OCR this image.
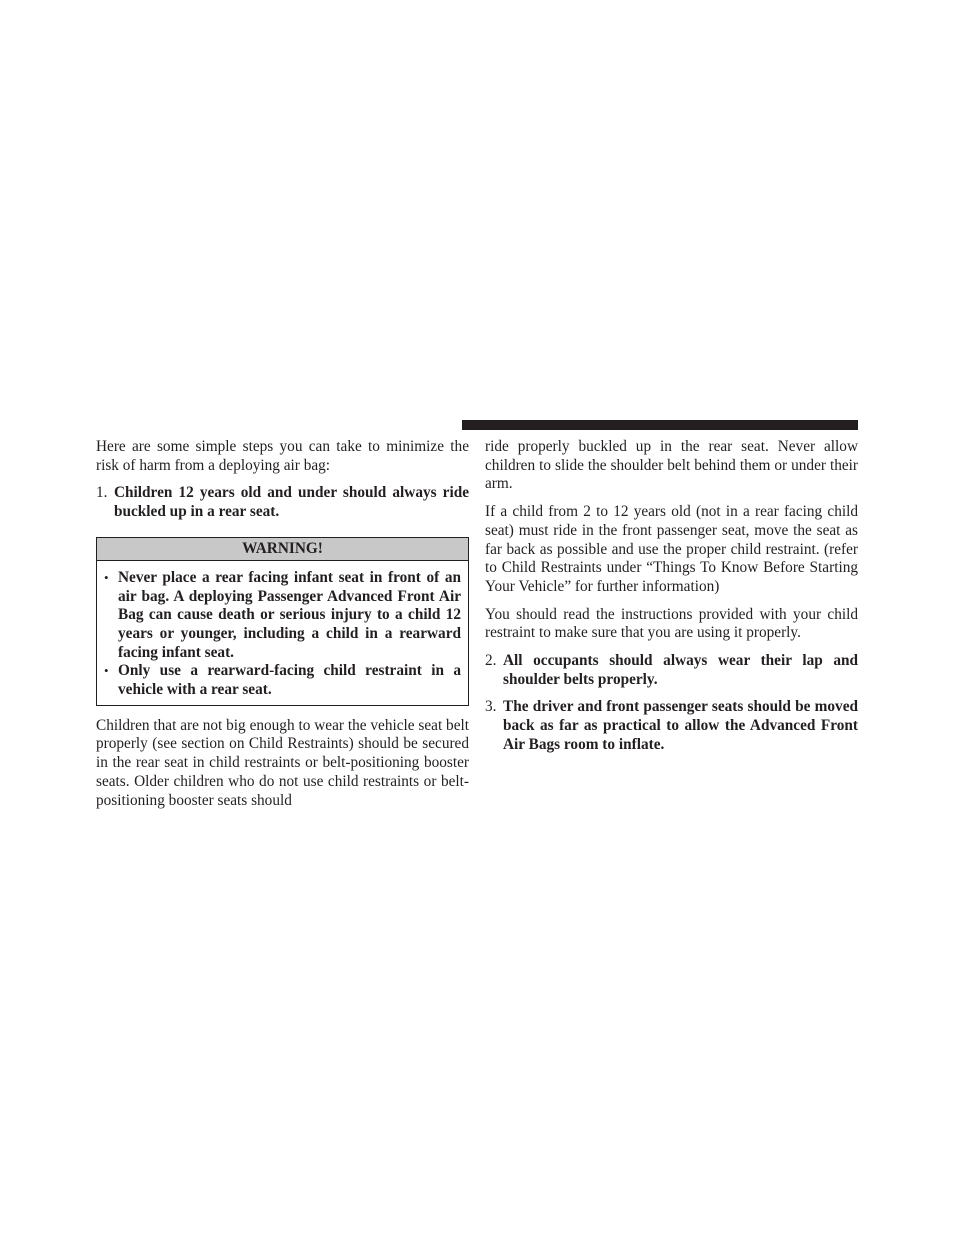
Here are some simple steps you can take to minimize the risk of harm from a deploying air bag:

1. Children 12 years old and under should always ride buckled up in a rear seat.
WARNING!
• Never place a rear facing infant seat in front of an air bag. A deploying Passenger Advanced Front Air Bag can cause death or serious injury to a child 12 years or younger, including a child in a rearward facing infant seat.
• Only use a rearward-facing child restraint in a vehicle with a rear seat.

Children that are not big enough to wear the vehicle seat belt properly (see section on Child Restraints) should be secured in the rear seat in child restraints or belt-positioning booster seats. Older children who do not use child restraints or belt-positioning booster seats should

ride properly buckled up in the rear seat. Never allow children to slide the shoulder belt behind them or under their arm.

If a child from 2 to 12 years old (not in a rear facing child seat) must ride in the front passenger seat, move the seat as far back as possible and use the proper child restraint. (refer to Child Restraints under “Things To Know Before Starting Your Vehicle” for further information)

You should read the instructions provided with your child restraint to make sure that you are using it properly.

2. All occupants should always wear their lap and shoulder belts properly.
3. The driver and front passenger seats should be moved back as far as practical to allow the Advanced Front Air Bags room to inflate.
